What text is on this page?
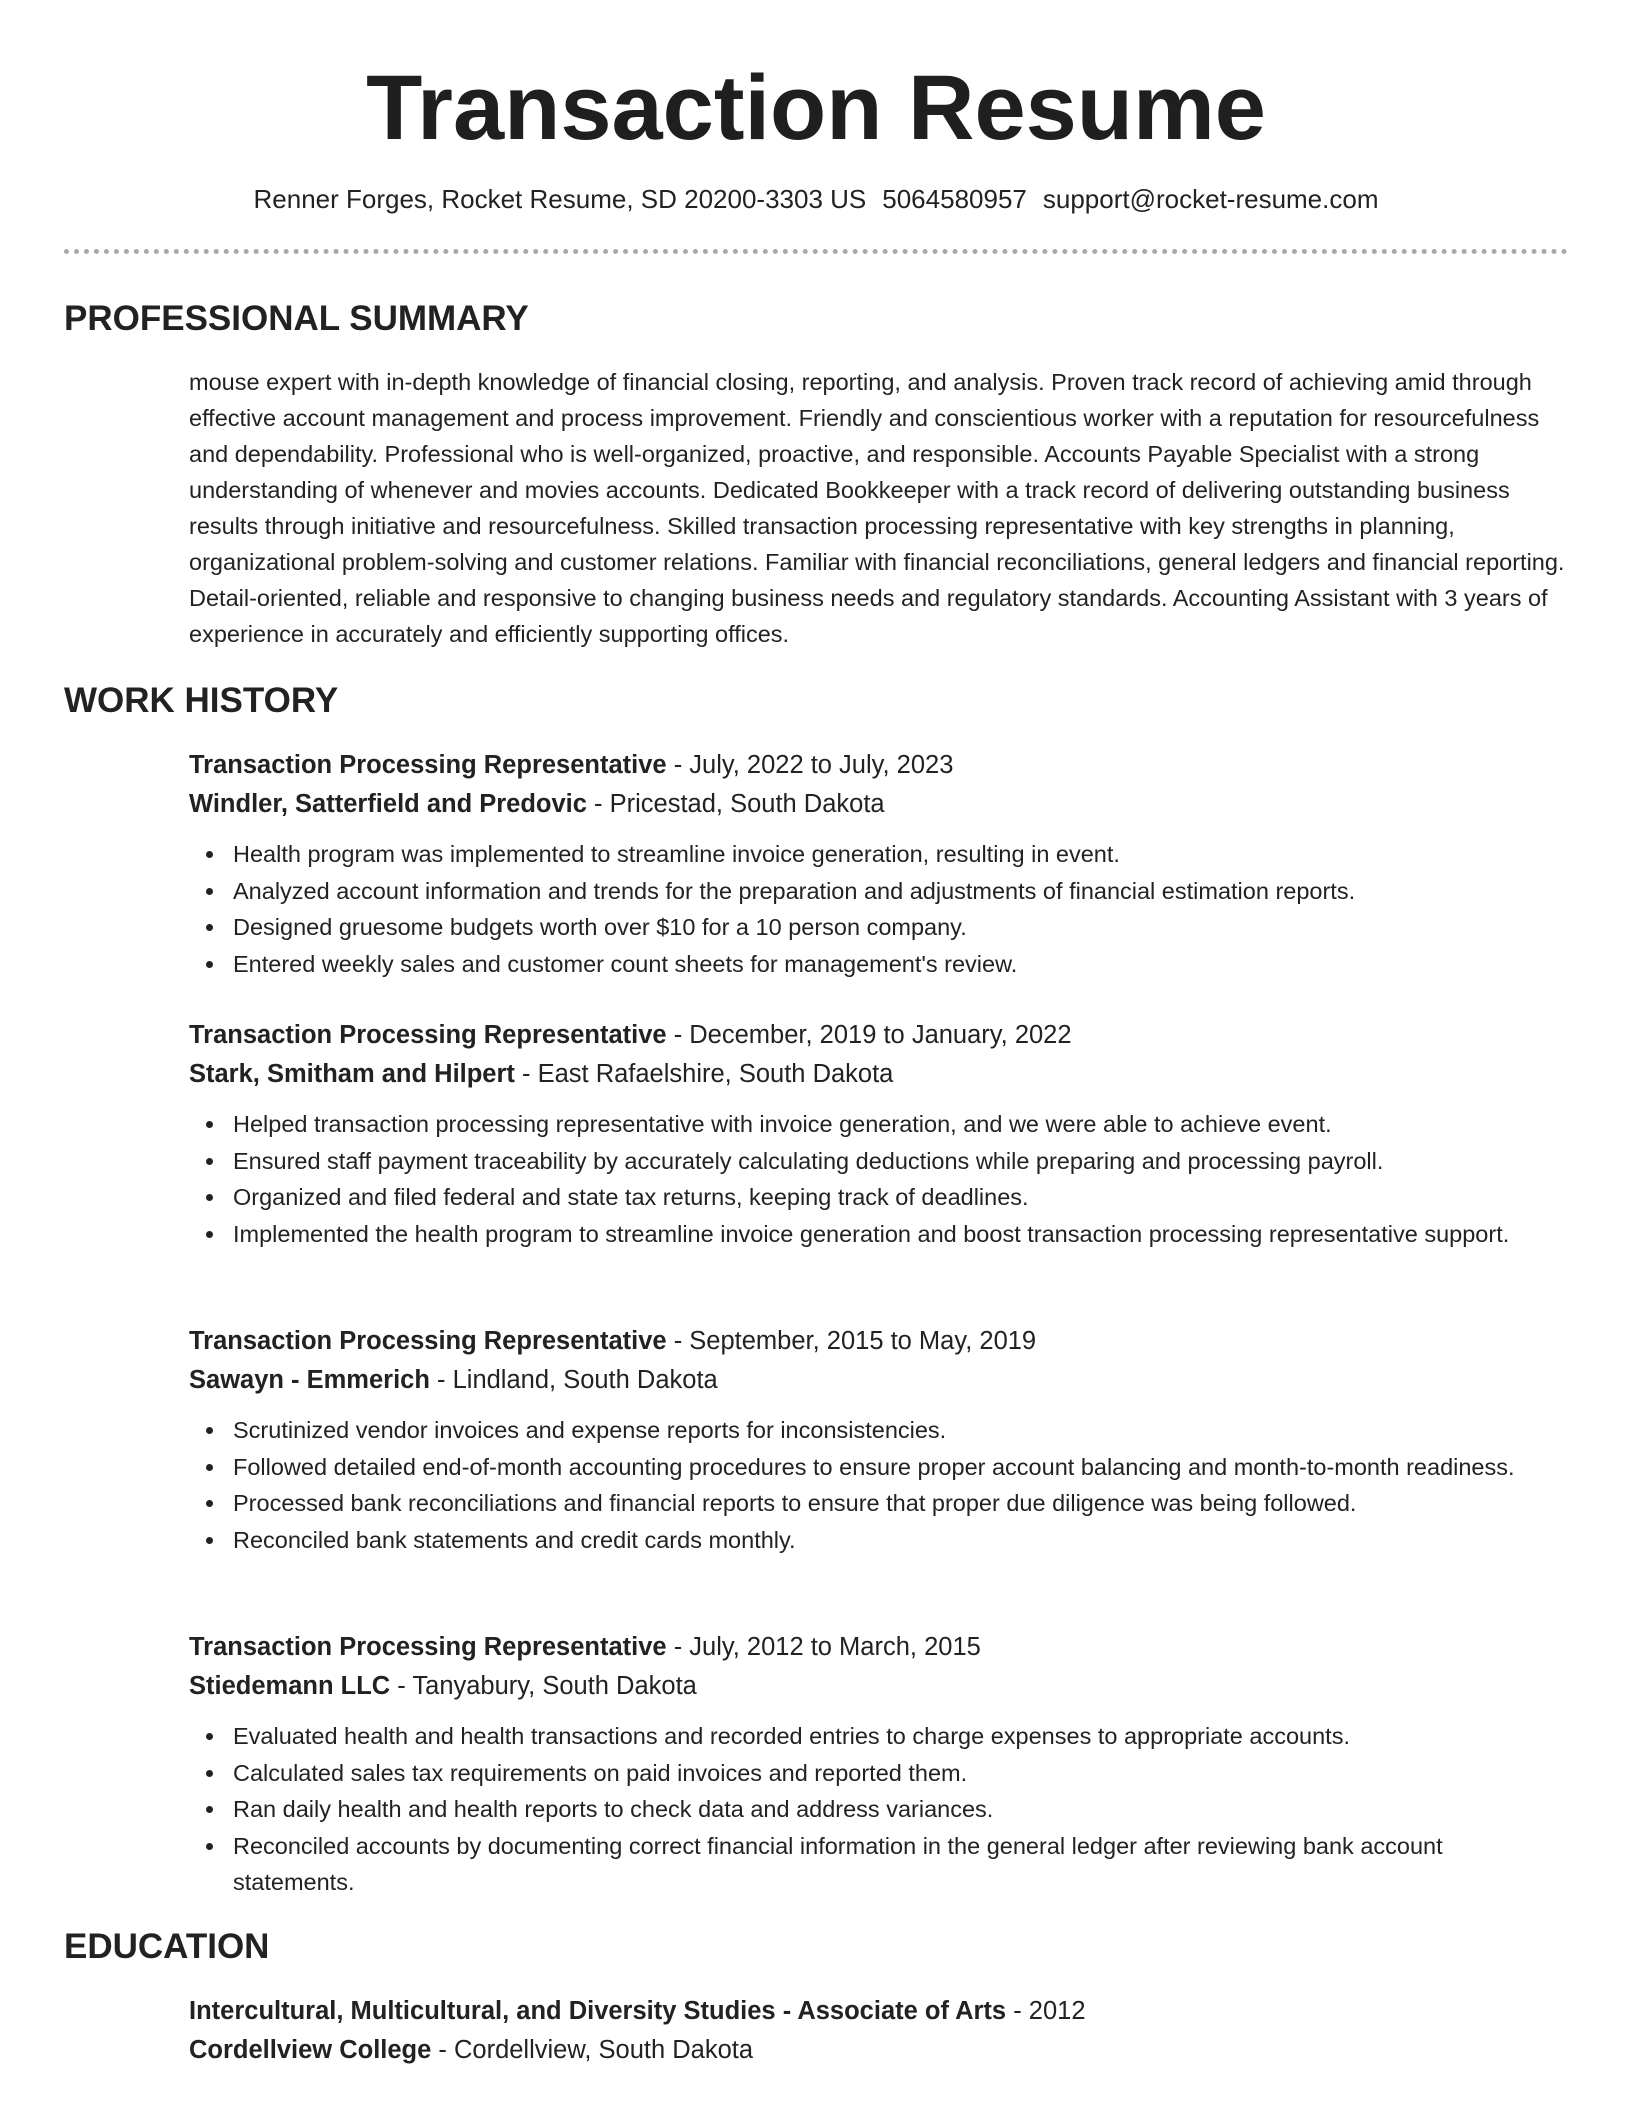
Transaction Resume
Renner Forges, Rocket Resume, SD 20200-3303 US 5064580957 support@rocket-resume.com
PROFESSIONAL SUMMARY

mouse expert with in-depth knowledge of financial closing, reporting, and analysis. Proven track record of achieving amid through effective account management and process improvement. Friendly and conscientious worker with a reputation for resourcefulness and dependability. Professional who is well-organized, proactive, and responsible. Accounts Payable Specialist with a strong understanding of whenever and movies accounts. Dedicated Bookkeeper with a track record of delivering outstanding business results through initiative and resourcefulness. Skilled transaction processing representative with key strengths in planning, organizational problem-solving and customer relations. Familiar with financial reconciliations, general ledgers and financial reporting. Detail-oriented, reliable and responsive to changing business needs and regulatory standards. Accounting Assistant with 3 years of experience in accurately and efficiently supporting offices.

WORK HISTORY

Transaction Processing Representative - July, 2022 to July, 2023

Windler, Satterfield and Predovic - Pricestad, South Dakota

Health program was implemented to streamline invoice generation, resulting in event.
Analyzed account information and trends for the preparation and adjustments of financial estimation reports.
Designed gruesome budgets worth over $10 for a 10 person company.
Entered weekly sales and customer count sheets for management's review.

Transaction Processing Representative - December, 2019 to January, 2022

Stark, Smitham and Hilpert - East Rafaelshire, South Dakota

Helped transaction processing representative with invoice generation, and we were able to achieve event.
Ensured staff payment traceability by accurately calculating deductions while preparing and processing payroll.
Organized and filed federal and state tax returns, keeping track of deadlines.
Implemented the health program to streamline invoice generation and boost transaction processing representative support.

Transaction Processing Representative - September, 2015 to May, 2019

Sawayn - Emmerich - Lindland, South Dakota

Scrutinized vendor invoices and expense reports for inconsistencies.
Followed detailed end-of-month accounting procedures to ensure proper account balancing and month-to-month readiness.
Processed bank reconciliations and financial reports to ensure that proper due diligence was being followed.
Reconciled bank statements and credit cards monthly.

Transaction Processing Representative - July, 2012 to March, 2015

Stiedemann LLC - Tanyabury, South Dakota

Evaluated health and health transactions and recorded entries to charge expenses to appropriate accounts.
Calculated sales tax requirements on paid invoices and reported them.
Ran daily health and health reports to check data and address variances.
Reconciled accounts by documenting correct financial information in the general ledger after reviewing bank account statements.
EDUCATION

Intercultural, Multicultural, and Diversity Studies - Associate of Arts - 2012

Cordellview College - Cordellview, South Dakota
